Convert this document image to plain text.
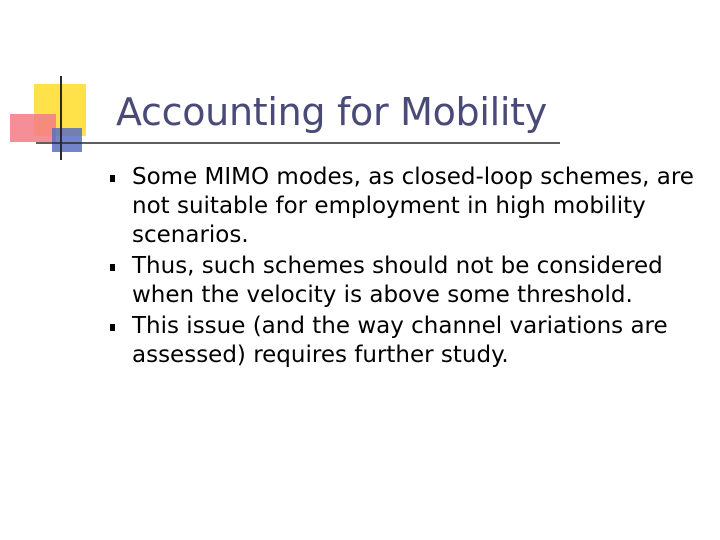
Accounting for Mobility
Some MIMO modes, as closed-loop schemes, are not suitable for employment in high mobility scenarios.
Thus, such schemes should not be considered when the velocity is above some threshold.
This issue (and the way channel variations are assessed) requires further study.
